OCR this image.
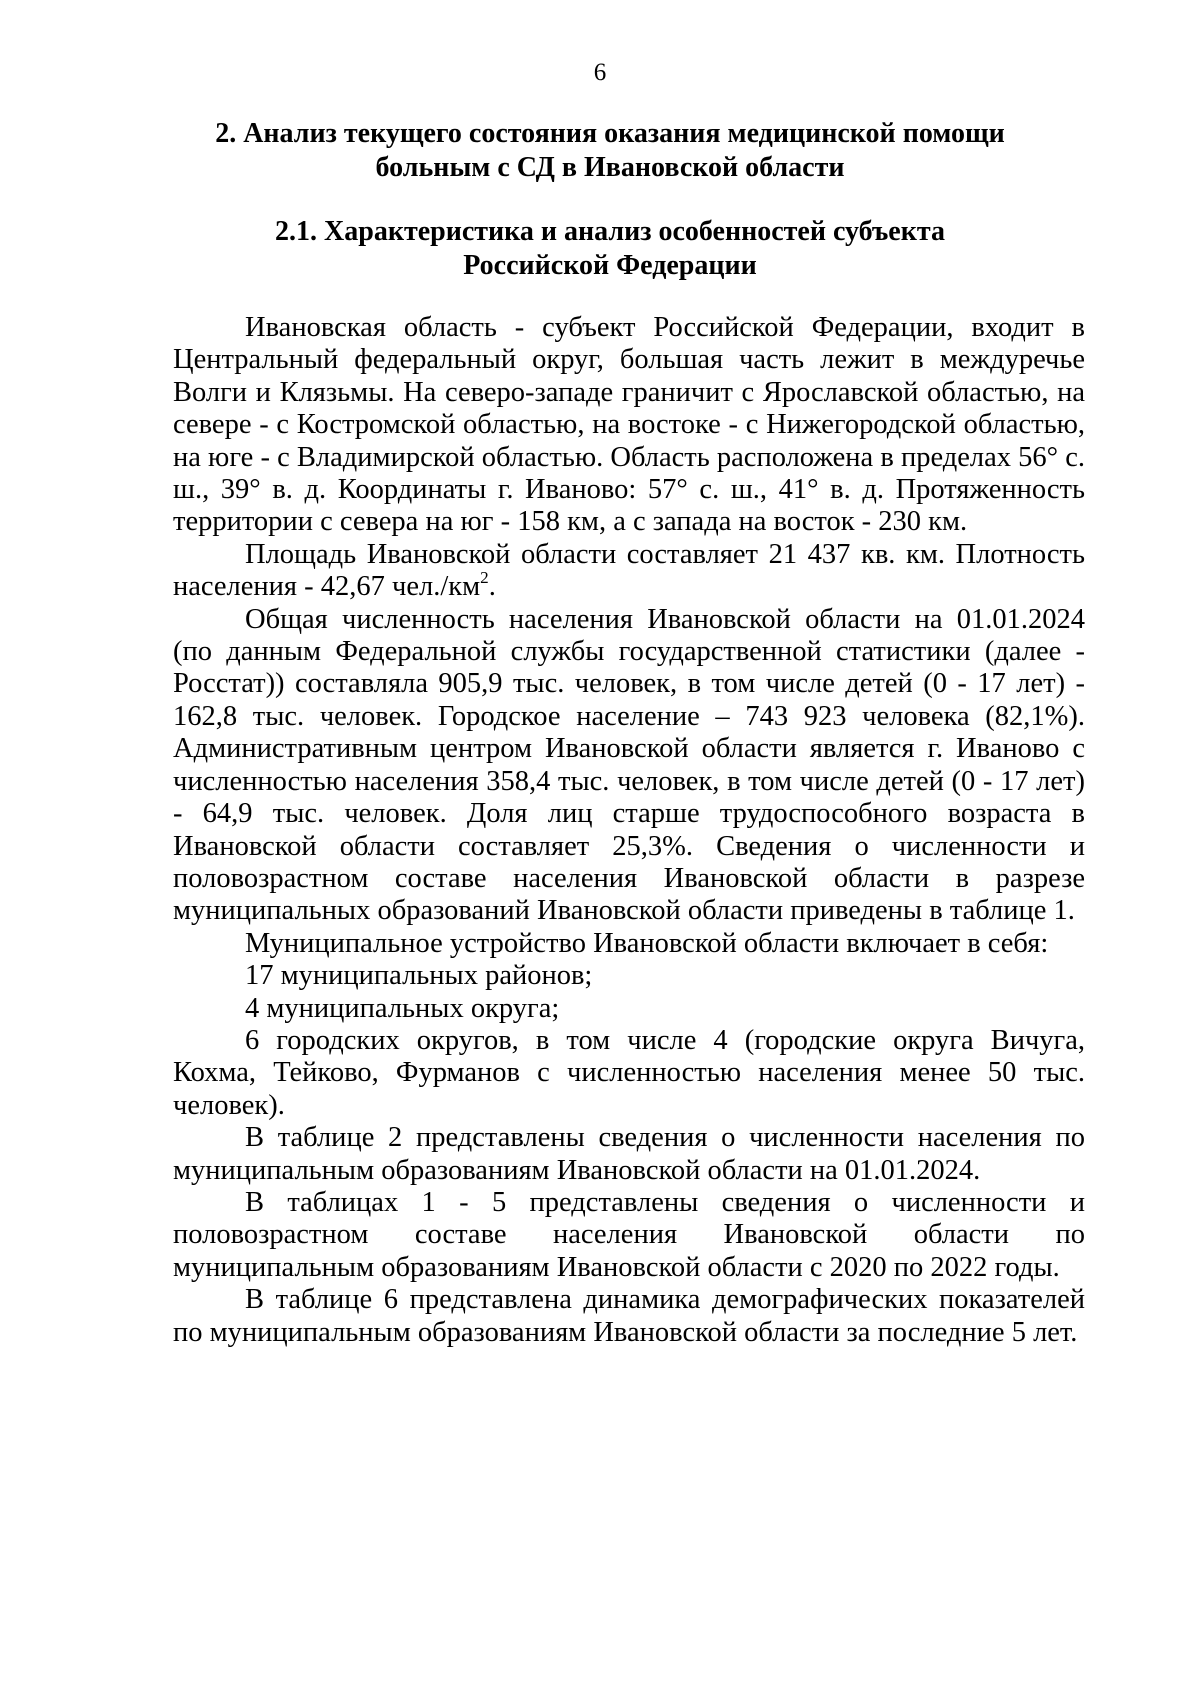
6
2. Анализ текущего состояния оказания медицинской помощи
больным с СД в Ивановской области
2.1. Характеристика и анализ особенностей субъекта
Российской Федерации

Ивановская область - субъект Российской Федерации, входит в Центральный федеральный округ, большая часть лежит в междуречье Волги и Клязьмы. На северо-западе граничит с Ярославской областью, на севере - с Костромской областью, на востоке - с Нижегородской областью, на юге - с Владимирской областью. Область расположена в пределах 56° с. ш., 39° в. д. Координаты г. Иваново: 57° с. ш., 41° в. д. Протяженность территории с севера на юг - 158 км, а с запада на восток - 230 км.

Площадь Ивановской области составляет 21 437 кв. км. Плотность населения - 42,67 $чел./км^2$.

Общая численность населения Ивановской области на 01.01.2024 (по данным Федеральной службы государственной статистики (далее - Росстат)) составляла 905,9 тыс. человек, в том числе детей (0 - 17 лет) - 162,8 тыс. человек. Городское население – 743 923 человека (82,1%). Административным центром Ивановской области является г. Иваново с численностью населения 358,4 тыс. человек, в том числе детей (0 - 17 лет) - 64,9 тыс. человек. Доля лиц старше трудоспособного возраста в Ивановской области составляет 25,3%. Сведения о численности и половозрастном составе населения Ивановской области в разрезе муниципальных образований Ивановской области приведены в таблице 1.

Муниципальное устройство Ивановской области включает в себя:

17 муниципальных районов;

4 муниципальных округа;

6 городских округов, в том числе 4 (городские округа Вичуга, Кохма, Тейково, Фурманов с численностью населения менее 50 тыс. человек).

В таблице 2 представлены сведения о численности населения по муниципальным образованиям Ивановской области на 01.01.2024.

В таблицах 1 - 5 представлены сведения о численности и половозрастном составе населения Ивановской области по муниципальным образованиям Ивановской области с 2020 по 2022 годы.

В таблице 6 представлена динамика демографических показателей по муниципальным образованиям Ивановской области за последние 5 лет.
